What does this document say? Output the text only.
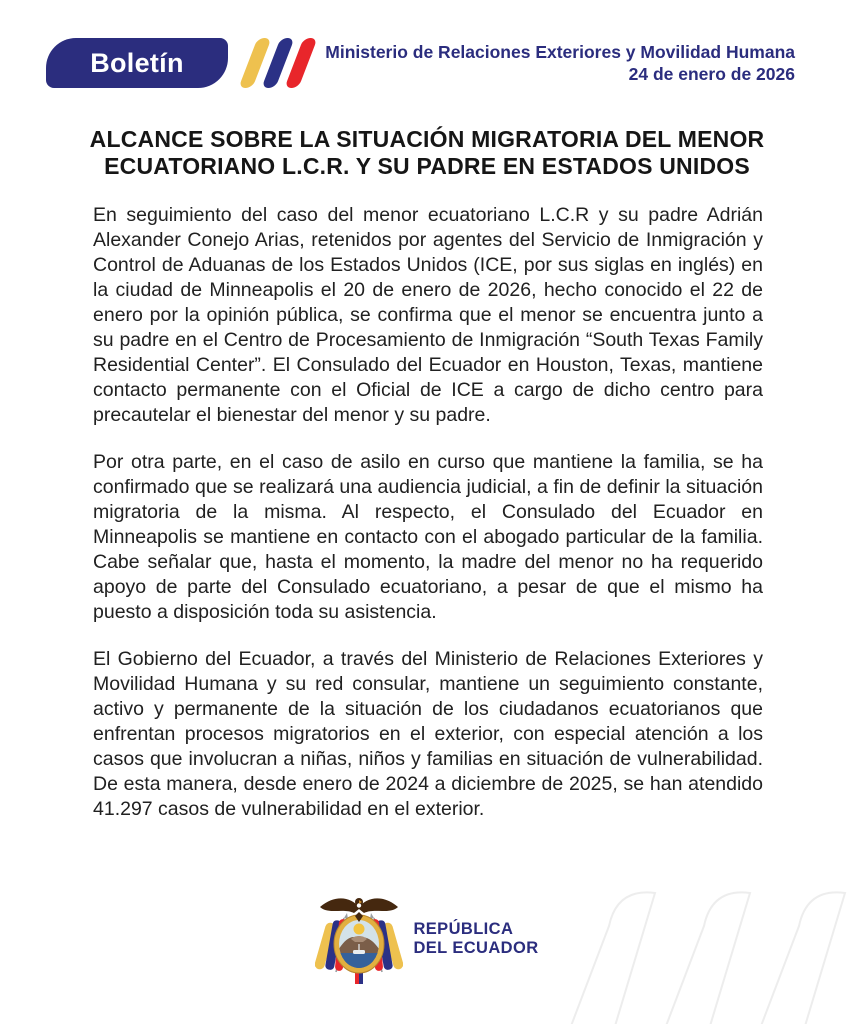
Boletín	Ministerio de Relaciones Exteriores y Movilidad Humana
24 de enero de 2026
ALCANCE SOBRE LA SITUACIÓN MIGRATORIA DEL MENOR
ECUATORIANO L.C.R. Y SU PADRE EN ESTADOS UNIDOS

En seguimiento del caso del menor ecuatoriano L.C.R y su padre Adrián Alexander Conejo Arias, retenidos por agentes del Servicio de Inmigración y Control de Aduanas de los Estados Unidos (ICE, por sus siglas en inglés) en la ciudad de Minneapolis el 20 de enero de 2026, hecho conocido el 22 de enero por la opinión pública, se confirma que el menor se encuentra junto a su padre en el Centro de Procesamiento de Inmigración “South Texas Family Residential Center”. El Consulado del Ecuador en Houston, Texas, mantiene contacto permanente con el Oficial de ICE a cargo de dicho centro para precautelar el bienestar del menor y su padre.

Por otra parte, en el caso de asilo en curso que mantiene la familia, se ha confirmado que se realizará una audiencia judicial, a fin de definir la situación migratoria de la misma. Al respecto, el Consulado del Ecuador en Minneapolis se mantiene en contacto con el abogado particular de la familia. Cabe señalar que, hasta el momento, la madre del menor no ha requerido apoyo de parte del Consulado ecuatoriano, a pesar de que el mismo ha puesto a disposición toda su asistencia.

El Gobierno del Ecuador, a través del Ministerio de Relaciones Exteriores y Movilidad Humana y su red consular, mantiene un seguimiento constante, activo y permanente de la situación de los ciudadanos ecuatorianos que enfrentan procesos migratorios en el exterior, con especial atención a los casos que involucran a niñas, niños y familias en situación de vulnerabilidad. De esta manera, desde enero de 2024 a diciembre de 2025, se han atendido 41.297 casos de vulnerabilidad en el exterior.

REPÚBLICA
DEL ECUADOR
